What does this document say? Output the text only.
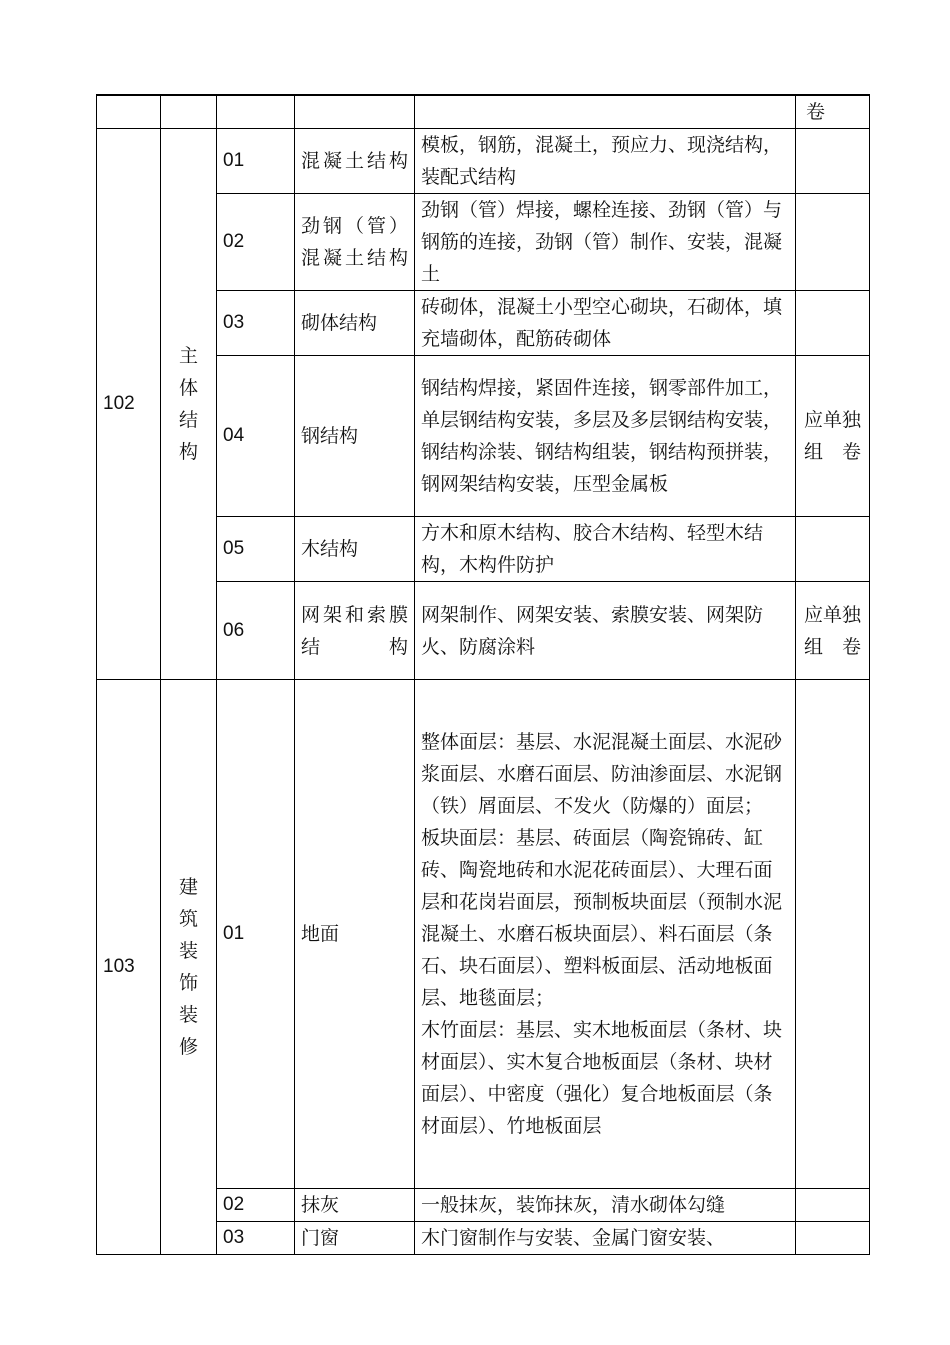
					卷
102	主体结构	01	混凝土结构	模板，钢筋，混凝土，预应力、现浇结构，装配式结构	
		02	劲钢（管）混凝土结构	劲钢（管）焊接，螺栓连接、劲钢（管）与钢筋的连接，劲钢（管）制作、安装，混凝土	
		03	砌体结构	砖砌体，混凝土小型空心砌块，石砌体，填充墙砌体，配筋砖砌体	
		04	钢结构	钢结构焊接，紧固件连接，钢零部件加工，单层钢结构安装，多层及多层钢结构安装，钢结构涂装、钢结构组装，钢结构预拼装，钢网架结构安装，压型金属板	应单独组卷
		05	木结构	方木和原木结构、胶合木结构、轻型木结构，木构件防护	
		06	网架和索膜结构	网架制作、网架安装、索膜安装、网架防火、防腐涂料	应单独组卷
103	建筑装饰装修	01	地面	整体面层：基层、水泥混凝土面层、水泥砂浆面层、水磨石面层、防油渗面层、水泥钢（铁）屑面层、不发火（防爆的）面层；
板块面层：基层、砖面层（陶瓷锦砖、缸砖、陶瓷地砖和水泥花砖面层）、大理石面层和花岗岩面层，预制板块面层（预制水泥混凝土、水磨石板块面层）、料石面层（条石、块石面层）、塑料板面层、活动地板面层、地毯面层；
木竹面层：基层、实木地板面层（条材、块材面层）、实木复合地板面层（条材、块材面层）、中密度（强化）复合地板面层（条材面层）、竹地板面层	

		02	抹灰	一般抹灰，装饰抹灰，清水砌体勾缝	
		03	门窗	木门窗制作与安装、金属门窗安装、	
